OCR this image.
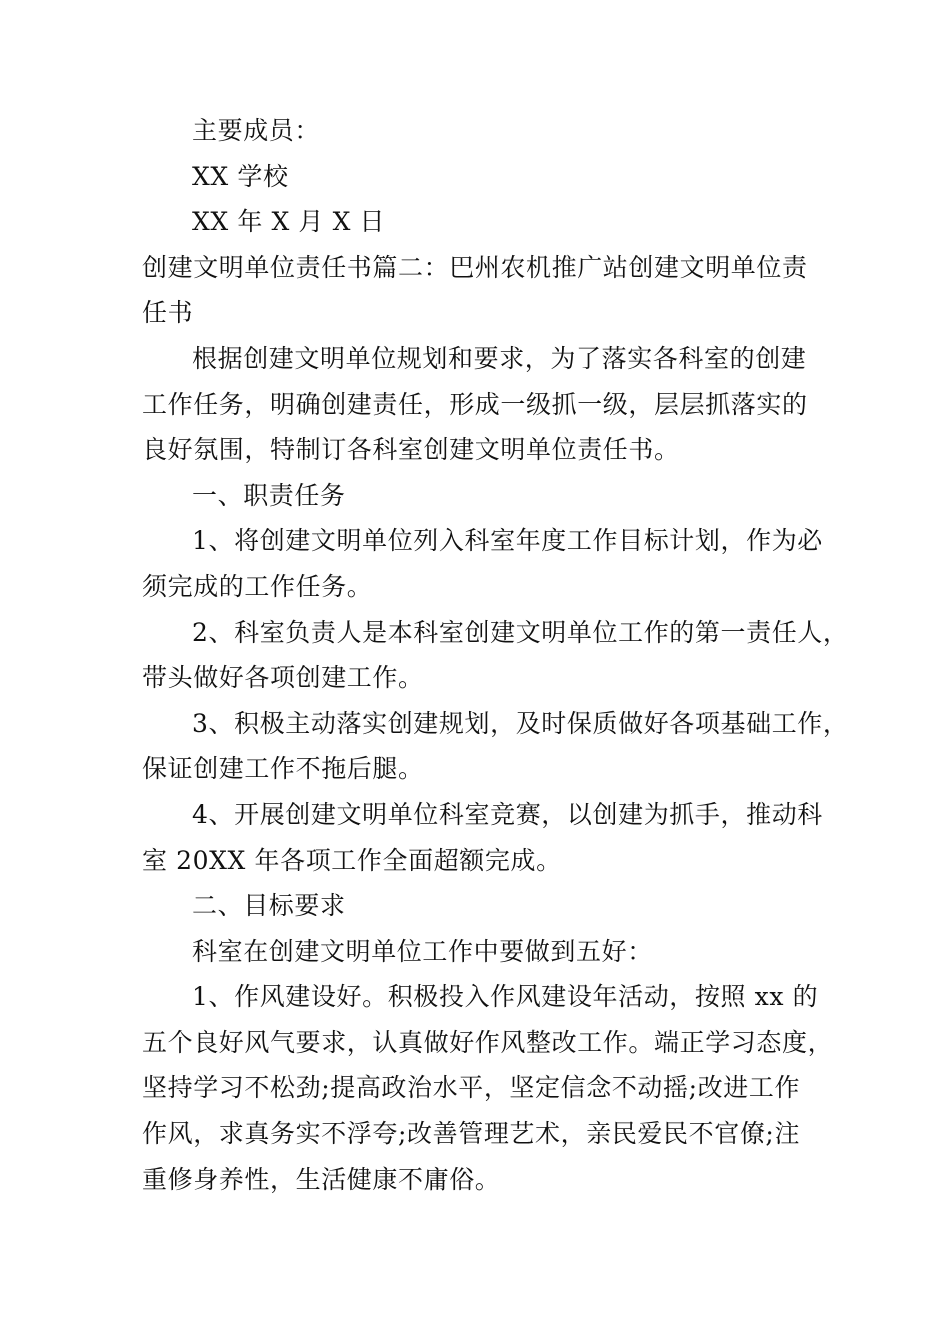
主要成员：
XX 学校
XX 年 X 月 X 日
创建文明单位责任书篇二：巴州农机推广站创建文明单位责
任书
根据创建文明单位规划和要求，为了落实各科室的创建
工作任务，明确创建责任，形成一级抓一级，层层抓落实的
良好氛围，特制订各科室创建文明单位责任书。
一、职责任务
1、将创建文明单位列入科室年度工作目标计划，作为必
须完成的工作任务。
2、科室负责人是本科室创建文明单位工作的第一责任人，
带头做好各项创建工作。
3、积极主动落实创建规划，及时保质做好各项基础工作，
保证创建工作不拖后腿。
4、开展创建文明单位科室竞赛，以创建为抓手，推动科
室 20XX 年各项工作全面超额完成。
二、目标要求
科室在创建文明单位工作中要做到五好：
1、作风建设好。积极投入作风建设年活动，按照 xx 的
五个良好风气要求，认真做好作风整改工作。端正学习态度，
坚持学习不松劲;提高政治水平，坚定信念不动摇;改进工作
作风，求真务实不浮夸;改善管理艺术，亲民爱民不官僚;注
重修身养性，生活健康不庸俗。
